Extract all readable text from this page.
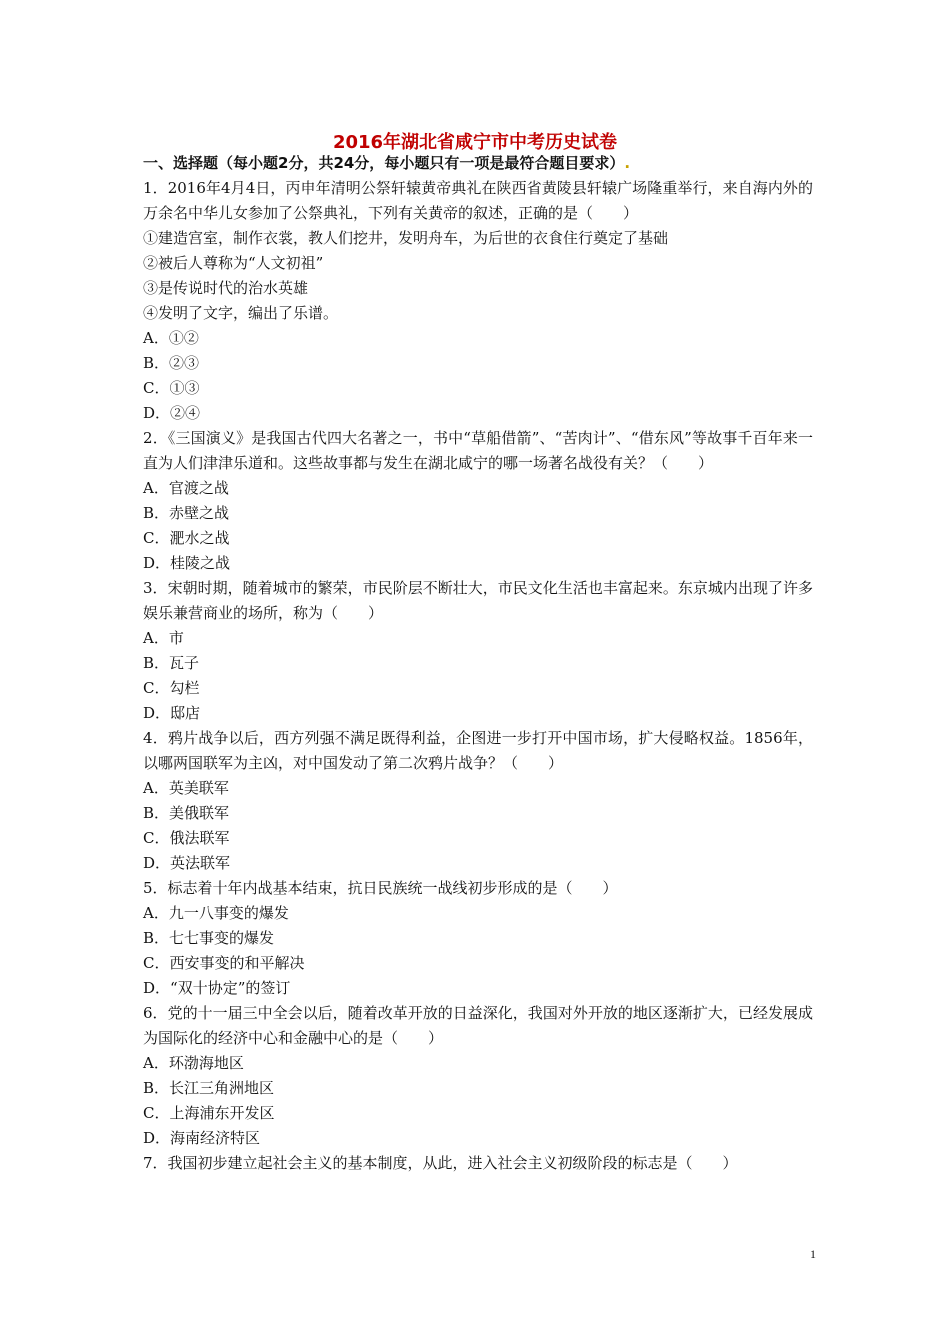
2016年湖北省咸宁市中考历史试卷
一、选择题（每小题2分，共24分，每小题只有一项是最符合题目要求）.
1．2016年4月4日，丙申年清明公祭轩辕黄帝典礼在陕西省黄陵县轩辕广场隆重举行，来自海内外的万余名中华儿女参加了公祭典礼，下列有关黄帝的叙述，正确的是（　　）
①建造宫室，制作衣裳，教人们挖井，发明舟车，为后世的衣食住行奠定了基础
②被后人尊称为“人文初祖”
③是传说时代的治水英雄
④发明了文字，编出了乐谱。
A．①②
B．②③
C．①③
D．②④
2．《三国演义》是我国古代四大名著之一，书中“草船借箭”、“苦肉计”、“借东风”等故事千百年来一直为人们津津乐道和。这些故事都与发生在湖北咸宁的哪一场著名战役有关？（　　）
A．官渡之战
B．赤壁之战
C．淝水之战
D．桂陵之战
3．宋朝时期，随着城市的繁荣，市民阶层不断壮大，市民文化生活也丰富起来。东京城内出现了许多娱乐兼营商业的场所，称为（　　）
A．市
B．瓦子
C．勾栏
D．邸店
4．鸦片战争以后，西方列强不满足既得利益，企图进一步打开中国市场，扩大侵略权益。1856年，以哪两国联军为主凶，对中国发动了第二次鸦片战争？（　　）
A．英美联军
B．美俄联军
C．俄法联军
D．英法联军
5．标志着十年内战基本结束，抗日民族统一战线初步形成的是（　　）
A．九一八事变的爆发
B．七七事变的爆发
C．西安事变的和平解决
D．“双十协定”的签订
6．党的十一届三中全会以后，随着改革开放的日益深化，我国对外开放的地区逐渐扩大，已经发展成为国际化的经济中心和金融中心的是（　　）
A．环渤海地区
B．长江三角洲地区
C．上海浦东开发区
D．海南经济特区
7．我国初步建立起社会主义的基本制度，从此，进入社会主义初级阶段的标志是（　　）
1
